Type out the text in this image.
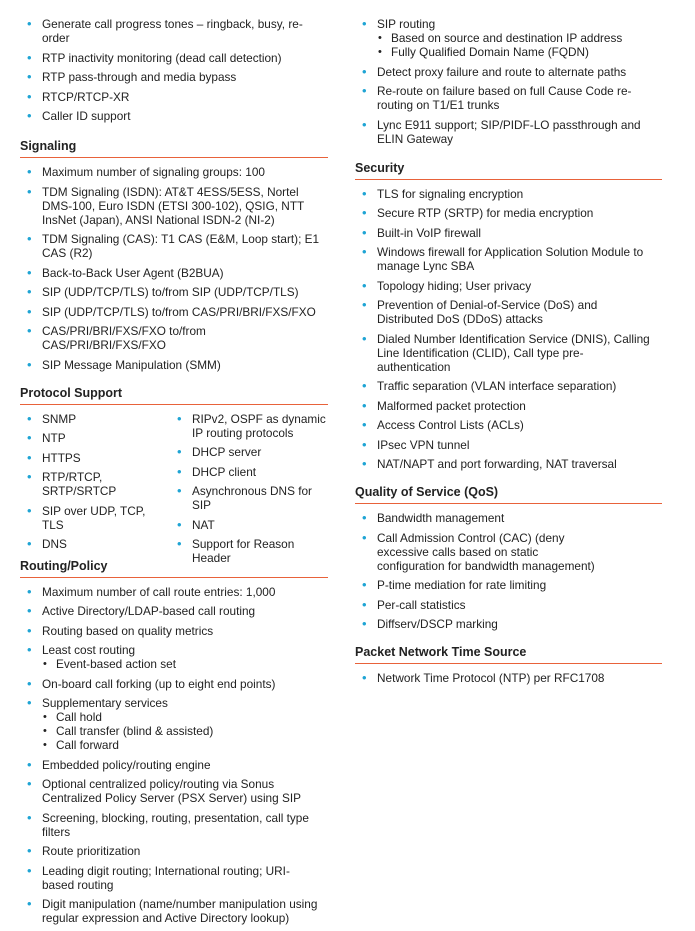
• Generate call progress tones – ringback, busy, re-order
• RTP inactivity monitoring (dead call detection)
• RTP pass-through and media bypass
• RTCP/RTCP-XR
• Caller ID support
Signaling
• Maximum number of signaling groups: 100
• TDM Signaling (ISDN): AT&T 4ESS/5ESS, Nortel DMS-100, Euro ISDN (ETSI 300-102), QSIG, NTT InsNet (Japan), ANSI National ISDN-2 (NI-2)
• TDM Signaling (CAS): T1 CAS (E&M, Loop start); E1 CAS (R2)
• Back-to-Back User Agent (B2BUA)
• SIP (UDP/TCP/TLS) to/from SIP (UDP/TCP/TLS)
• SIP (UDP/TCP/TLS) to/from CAS/PRI/BRI/FXS/FXO
• CAS/PRI/BRI/FXS/FXO to/from CAS/PRI/BRI/FXS/FXO
• SIP Message Manipulation (SMM)
Protocol Support
• SNMP
• NTP
• HTTPS
• RTP/RTCP, SRTP/SRTCP
• SIP over UDP, TCP, TLS
• DNS
• RIPv2, OSPF as dynamic IP routing protocols
• DHCP server
• DHCP client
• Asynchronous DNS for SIP
• NAT
• Support for Reason Header
Routing/Policy
• Maximum number of call route entries: 1,000
• Active Directory/LDAP-based call routing
• Routing based on quality metrics
• Least cost routing
• Event-based action set
• On-board call forking (up to eight end points)
• Supplementary services
• Call hold
• Call transfer (blind & assisted)
• Call forward
• Embedded policy/routing engine
• Optional centralized policy/routing via Sonus Centralized Policy Server (PSX Server) using SIP
• Screening, blocking, routing, presentation, call type filters
• Route prioritization
• Leading digit routing; International routing; URI-based routing
• Digit manipulation (name/number manipulation using regular expression and Active Directory lookup)
• SIP routing
• Based on source and destination IP address
• Fully Qualified Domain Name (FQDN)
• Detect proxy failure and route to alternate paths
• Re-route on failure based on full Cause Code re-routing on T1/E1 trunks
• Lync E911 support; SIP/PIDF-LO passthrough and ELIN Gateway
Security
• TLS for signaling encryption
• Secure RTP (SRTP) for media encryption
• Built-in VoIP firewall
• Windows firewall for Application Solution Module to manage Lync SBA
• Topology hiding; User privacy
• Prevention of Denial-of-Service (DoS) and Distributed DoS (DDoS) attacks
• Dialed Number Identification Service (DNIS), Calling Line Identification (CLID), Call type pre-authentication
• Traffic separation (VLAN interface separation)
• Malformed packet protection
• Access Control Lists (ACLs)
• IPsec VPN tunnel
• NAT/NAPT and port forwarding, NAT traversal
Quality of Service (QoS)
• Bandwidth management
• Call Admission Control (CAC) (deny excessive calls based on static configuration for bandwidth management)
• P-time mediation for rate limiting
• Per-call statistics
• Diffserv/DSCP marking
Packet Network Time Source
• Network Time Protocol (NTP) per RFC1708
